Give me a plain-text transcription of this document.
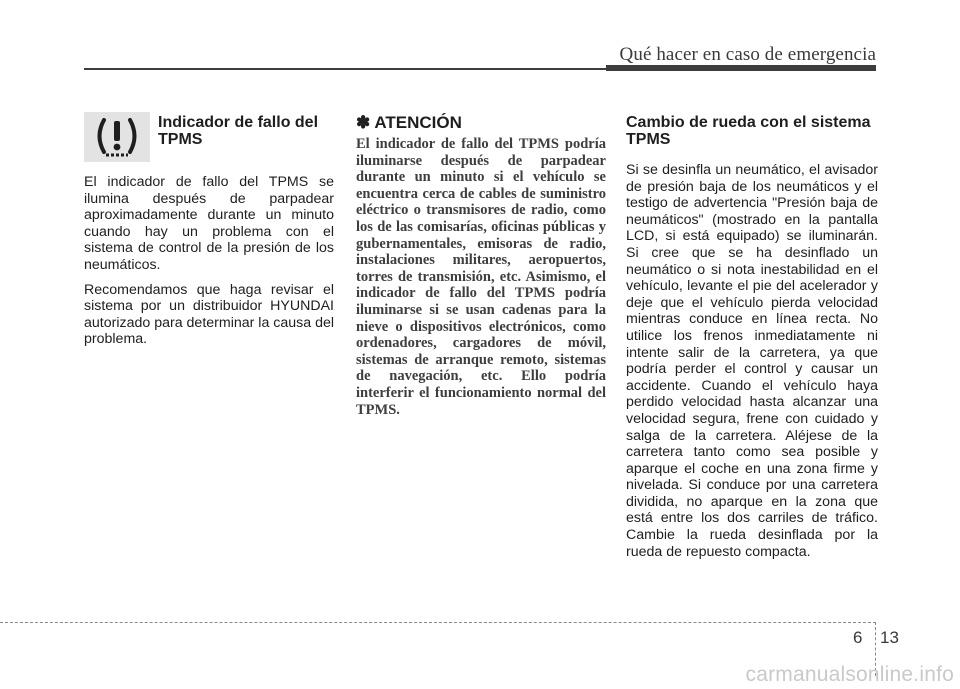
Qué hacer en caso de emergencia
Indicador de fallo del TPMS

El indicador de fallo del TPMS se ilumina después de parpadear aproximadamente durante un minuto cuando hay un problema con el sistema de control de la presión de los neumáticos.

Recomendamos que haga revisar el sistema por un distribuidor HYUNDAI autorizado para determinar la causa del problema.

✽ ATENCIÓN

El indicador de fallo del TPMS podría iluminarse después de parpadear durante un minuto si el vehículo se encuentra cerca de cables de suministro eléctrico o transmisores de radio, como los de las comisarías, oficinas públicas y gubernamentales, emisoras de radio, instalaciones militares, aeropuertos, torres de transmisión, etc. Asimismo, el indicador de fallo del TPMS podría iluminarse si se usan cadenas para la nieve o dispositivos electrónicos, como ordenadores, cargadores de móvil, sistemas de arranque remoto, sistemas de navegación, etc. Ello podría interferir el funcionamiento normal del TPMS.

Cambio de rueda con el sistema TPMS

Si se desinfla un neumático, el avisador de presión baja de los neumáticos y el testigo de advertencia "Presión baja de neumáticos" (mostrado en la pantalla LCD, si está equipado) se iluminarán. Si cree que se ha desinflado un neumático o si nota inestabilidad en el vehículo, levante el pie del acelerador y deje que el vehículo pierda velocidad mientras conduce en línea recta. No utilice los frenos inmediatamente ni intente salir de la carretera, ya que podría perder el control y causar un accidente. Cuando el vehículo haya perdido velocidad hasta alcanzar una velocidad segura, frene con cuidado y salga de la carretera. Aléjese de la carretera tanto como sea posible y aparque el coche en una zona firme y nivelada. Si conduce por una carretera dividida, no aparque en la zona que está entre los dos carriles de tráfico. Cambie la rueda desinflada por la rueda de repuesto compacta.

6 13
carmanualsonline.info
